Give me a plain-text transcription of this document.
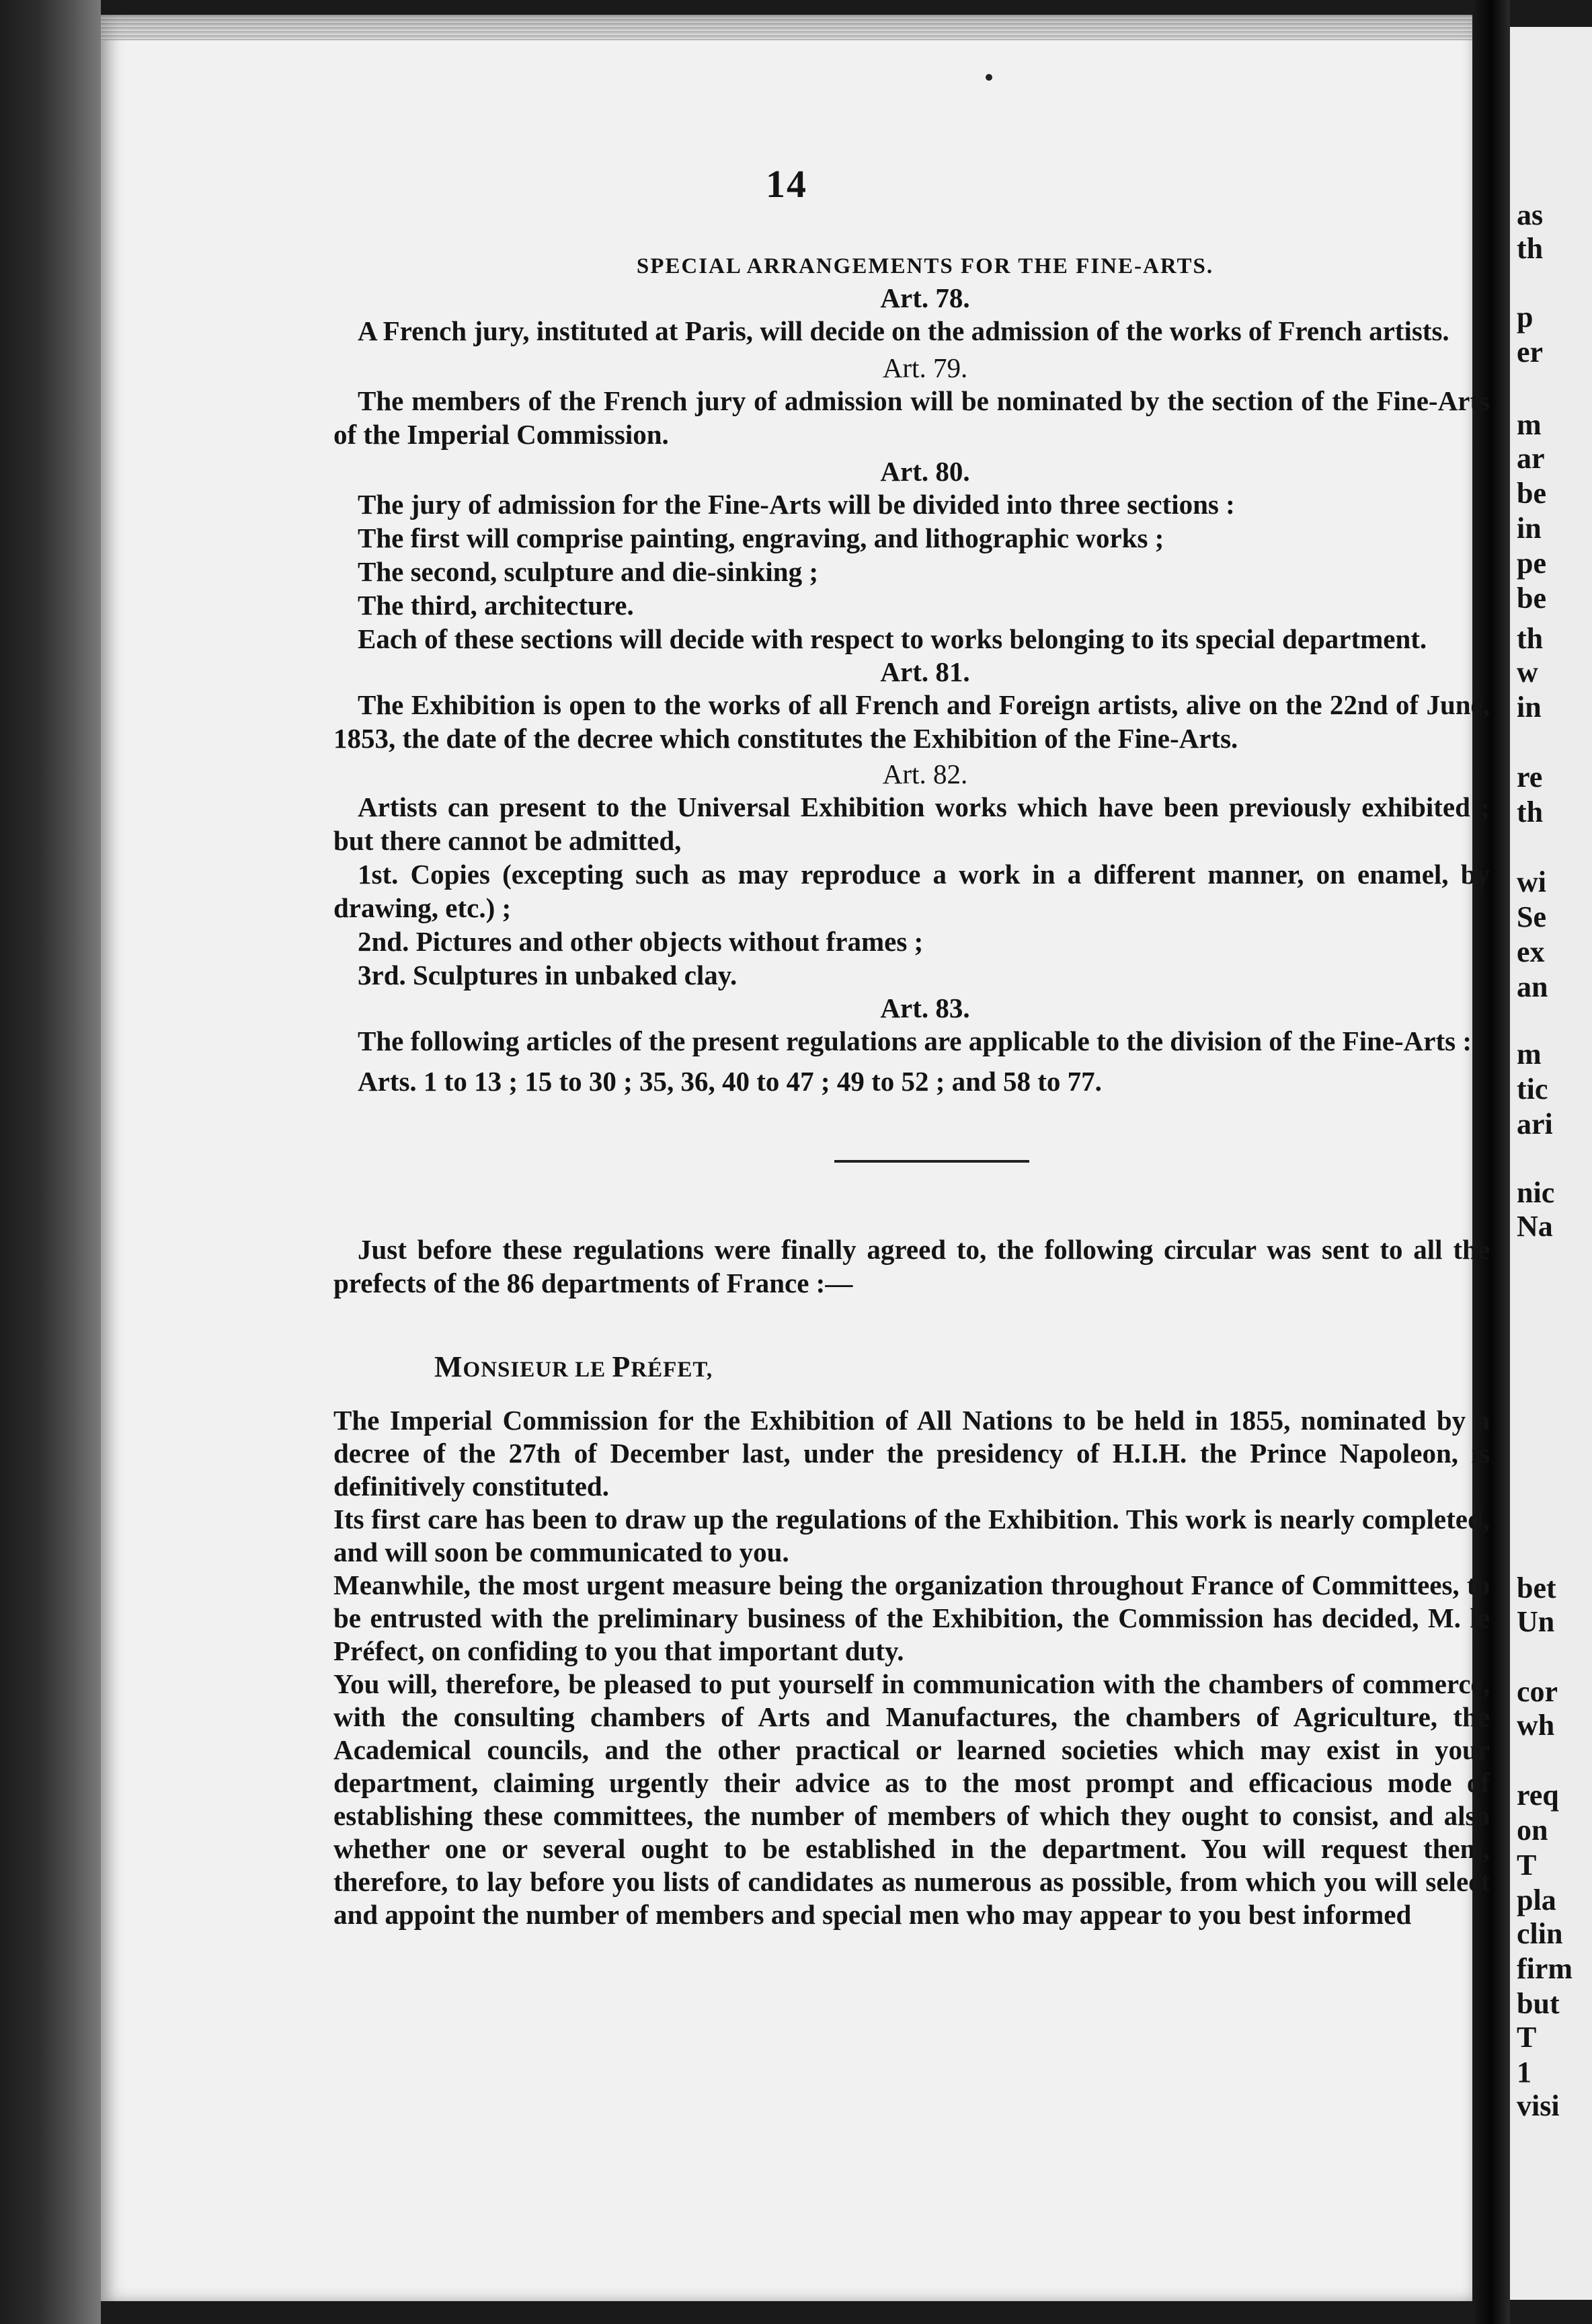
as
th
p
er
m
ar
be
in
pe
be
th
w
in
re
th
wi
Se
ex
an
m
tic
ari
nic
Na
bet
Un
cor
wh
req
on
T
pla
clin
firm
but
T
1
visi
14
SPECIAL ARRANGEMENTS FOR THE FINE-ARTS.
Art. 78.

A French jury, instituted at Paris, will decide on the admission of the works of French artists.

Art. 79.

The members of the French jury of admission will be nominated by the section of the Fine-Arts of the Imperial Commission.

Art. 80.

The jury of admission for the Fine-Arts will be divided into three sections :

The first will comprise painting, engraving, and lithographic works ;

The second, sculpture and die-sinking ;

The third, architecture.

Each of these sections will decide with respect to works belonging to its special department.

Art. 81.

The Exhibition is open to the works of all French and Foreign artists, alive on the 22nd of June, 1853, the date of the decree which constitutes the Exhibition of the Fine-Arts.

Art. 82.

Artists can present to the Universal Exhibition works which have been previously exhibited ; but there cannot be admitted,

1st. Copies (excepting such as may reproduce a work in a different manner, on enamel, by drawing, etc.) ;

2nd. Pictures and other objects without frames ;

3rd. Sculptures in unbaked clay.

Art. 83.

The following articles of the present regulations are applicable to the division of the Fine-Arts :

Arts. 1 to 13 ; 15 to 30 ; 35, 36, 40 to 47 ; 49 to 52 ; and 58 to 77.

Just before these regulations were finally agreed to, the following circular was sent to all the prefects of the 86 departments of France :—

MONSIEUR LE PRÉFET,

The Imperial Commission for the Exhibition of All Nations to be held in 1855, nominated by a decree of the 27th of December last, under the presidency of H.I.H. the Prince Napoleon, is definitively constituted.

Its first care has been to draw up the regulations of the Exhibition. This work is nearly completed, and will soon be communicated to you.

Meanwhile, the most urgent measure being the organization throughout France of Committees, to be entrusted with the preliminary business of the Exhibition, the Commission has decided, M. le Préfect, on confiding to you that important duty.

You will, therefore, be pleased to put yourself in communication with the chambers of commerce, with the consulting chambers of Arts and Manufactures, the chambers of Agriculture, the Academical councils, and the other practical or learned societies which may exist in your department, claiming urgently their advice as to the most prompt and efficacious mode of establishing these committees, the number of members of which they ought to consist, and also whether one or several ought to be established in the department. You will request them, therefore, to lay before you lists of candidates as numerous as possible, from which you will select and appoint the number of members and special men who may appear to you best informed
